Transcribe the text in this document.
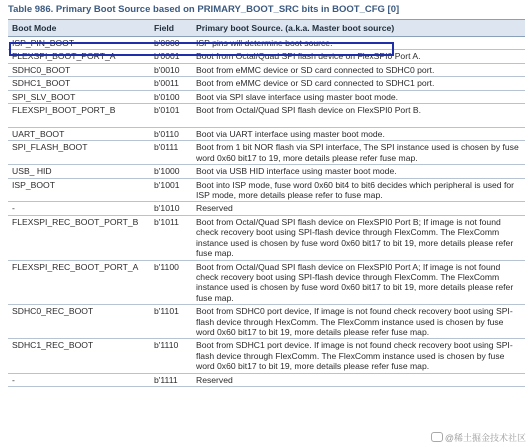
Table 986. Primary Boot Source based on PRIMARY_BOOT_SRC bits in BOOT_CFG [0]
Boot Mode	Field	Primary boot Source. (a.k.a. Master boot source)
ISP_PIN_BOOT	b'0000	ISP pins will determine boot source.
FLEXSPI_BOOT_PORT_A	b'0001	Boot from Octal/Quad SPI flash device on FlexSPI0 Port A.
SDHC0_BOOT	b'0010	Boot from eMMC device or SD card connected to SDHC0 port.
SDHC1_BOOT	b'0011	Boot from eMMC device or SD card connected to SDHC1 port.
SPI_SLV_BOOT	b'0100	Boot via SPI slave interface using master boot mode.
FLEXSPI_BOOT_PORT_B	b'0101	Boot from Octal/Quad SPI flash device on FlexSPI0 Port B.
UART_BOOT	b'0110	Boot via UART interface using master boot mode.
SPI_FLASH_BOOT	b'0111	Boot from 1 bit NOR flash via SPI interface, The SPI instance used is chosen by fuse word 0x60 bit17 to 19, more details please refer fuse map.
USB_ HID	b'1000	Boot via USB HID interface using master boot mode.
ISP_BOOT	b'1001	Boot into ISP mode, fuse word 0x60 bit4 to bit6 decides which peripheral is used for ISP mode, more details please refer to fuse map.
-	b'1010	Reserved
FLEXSPI_REC_BOOT_PORT_B	b'1011	Boot from Octal/Quad SPI flash device on FlexSPI0 Port B; If image is not found check recovery boot using SPI-flash device through FlexComm. The FlexComm instance used is chosen by fuse word 0x60 bit17 to bit 19, more details please refer fuse map.
FLEXSPI_REC_BOOT_PORT_A	b'1100	Boot from Octal/Quad SPI flash device on FlexSPI0 Port A; If image is not found check recovery boot using SPI-flash device through FlexComm. The FlexComm instance used is chosen by fuse word 0x60 bit17 to bit 19, more details please refer fuse map.
SDHC0_REC_BOOT	b'1101	Boot from SDHC0 port device, If image is not found check recovery boot using SPI-flash device through HexComm. The FlexComm instance used is chosen by fuse word 0x60 bit17 to bit 19, more details please refer fuse map.
SDHC1_REC_BOOT	b'1110	Boot from SDHC1 port device. If image is not found check recovery boot using SPI-flash device through FlexComm. The FlexComm instance used is chosen by fuse word 0x60 bit17 to bit 19, more details please refer fuse map.
-	b'1111	Reserved
@稀土掘金技术社区
